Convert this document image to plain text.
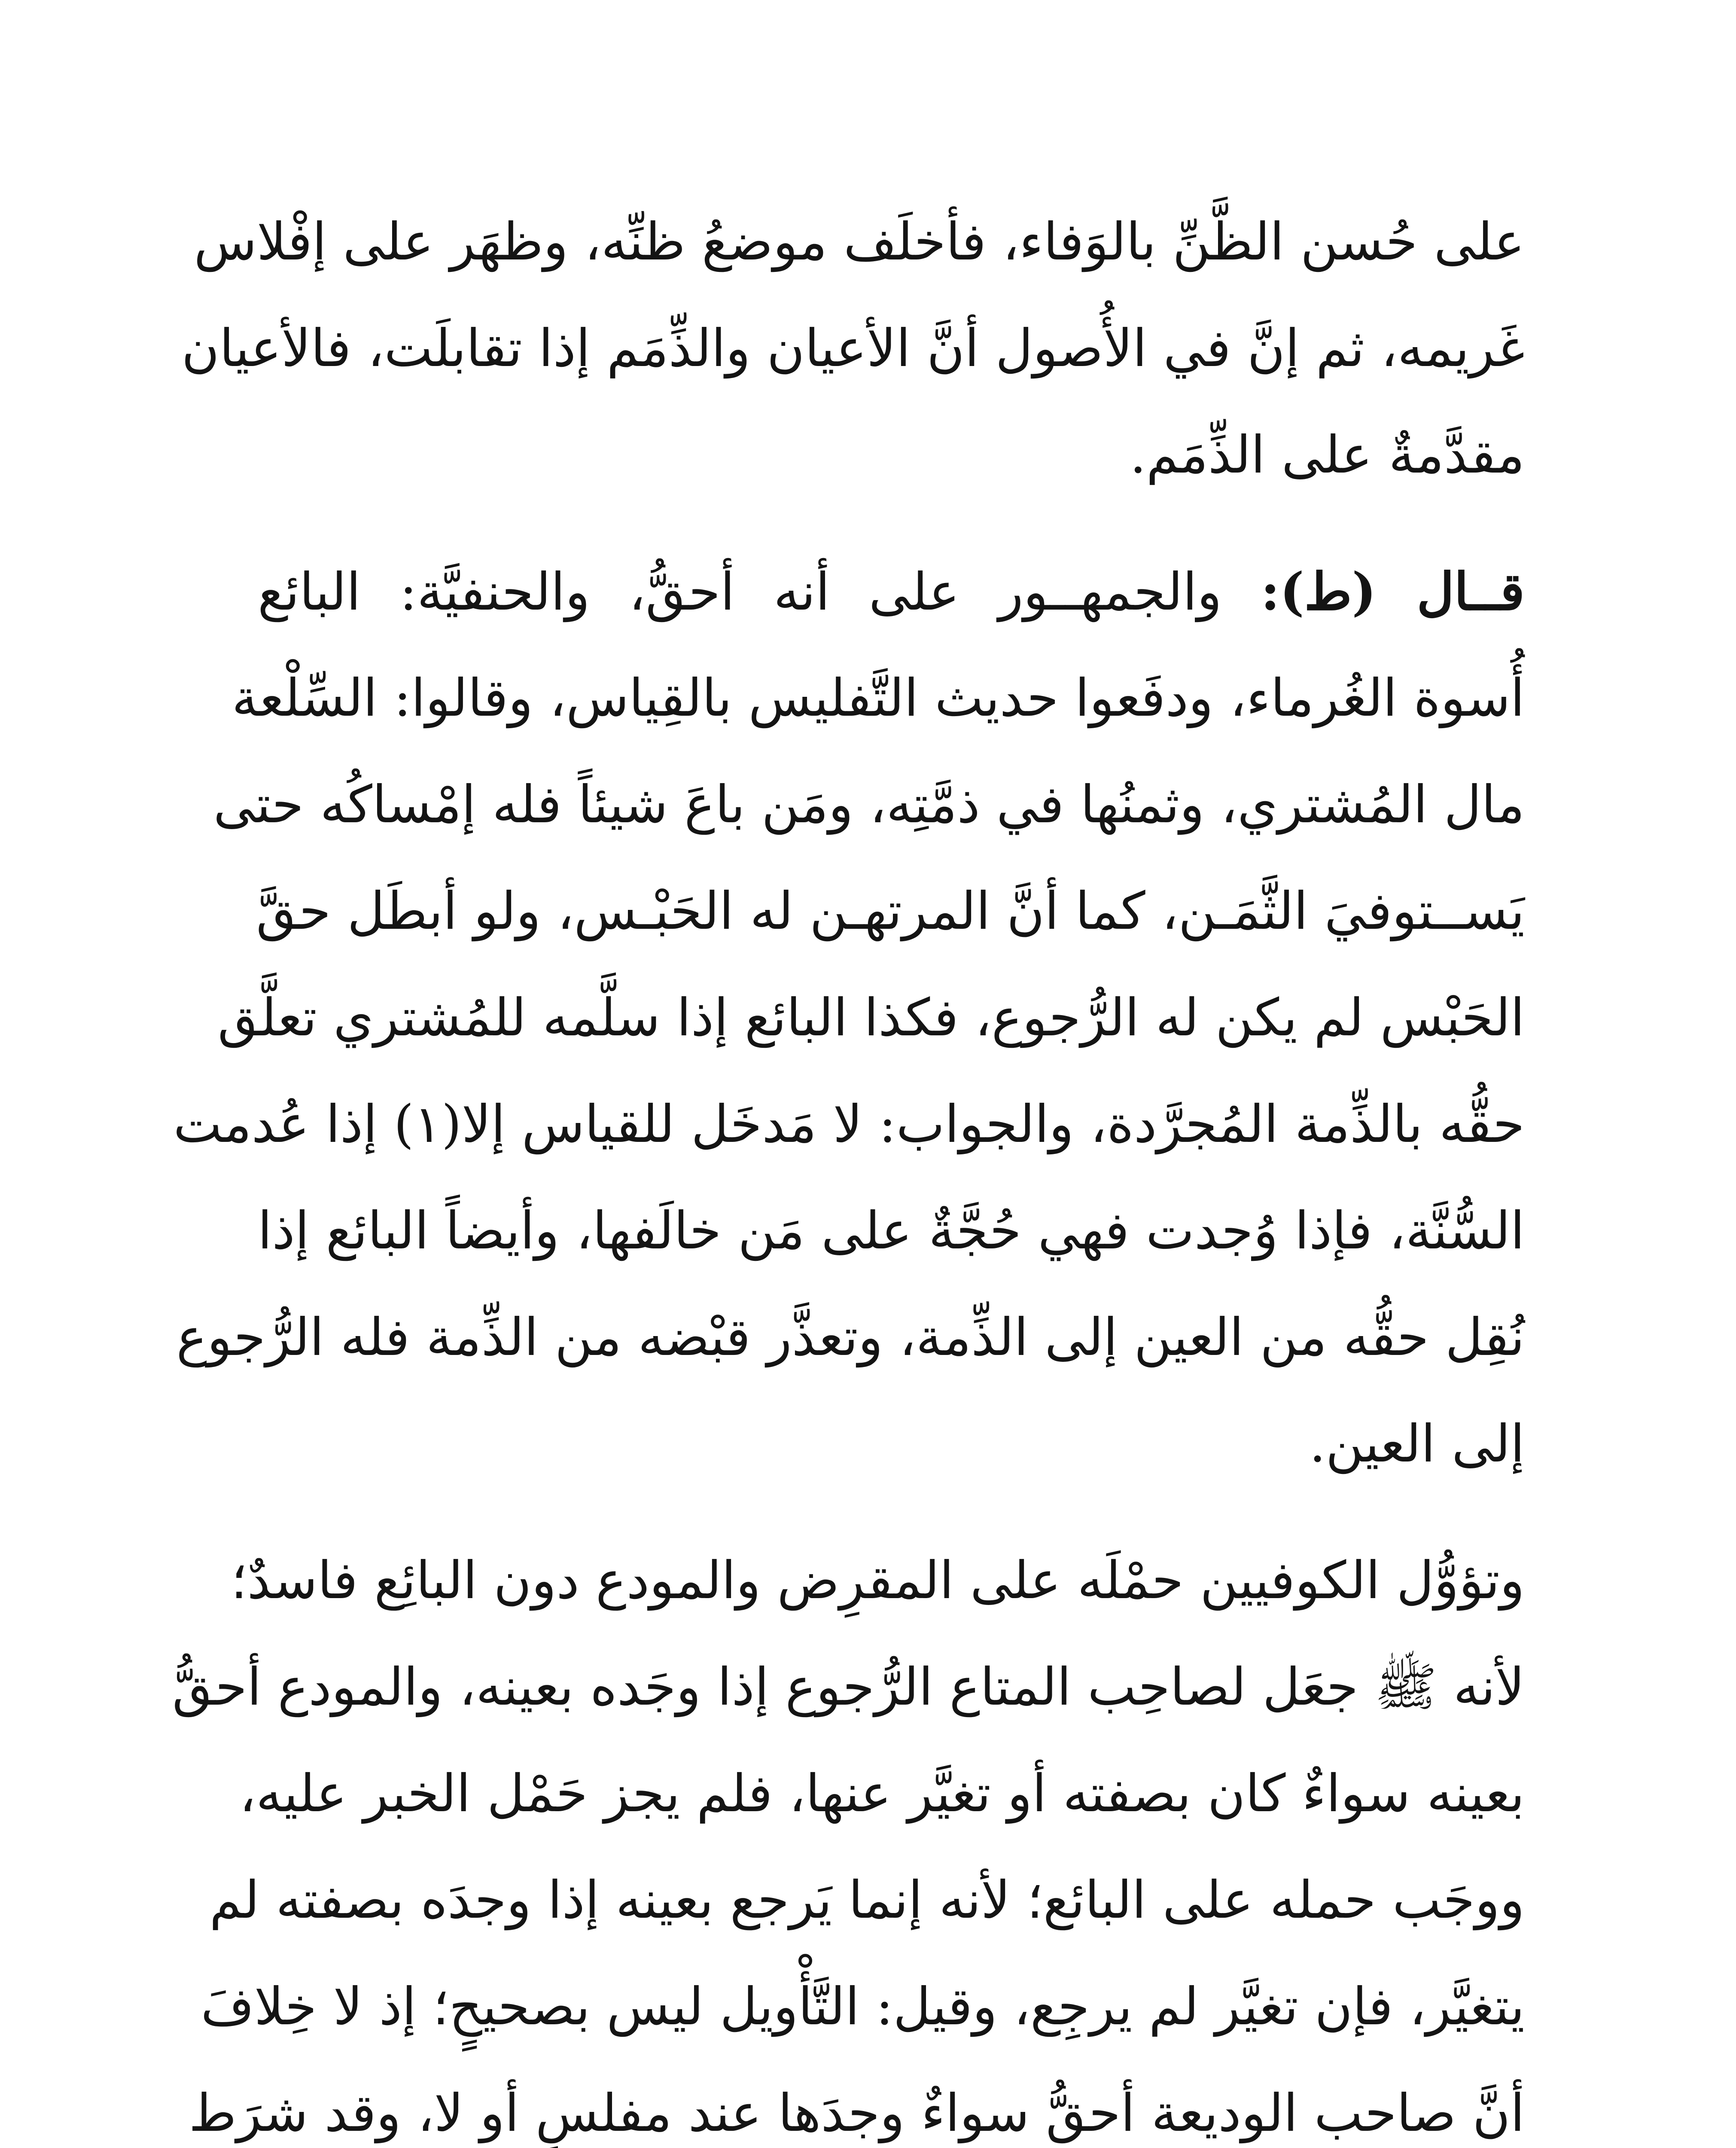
على حُسن الظَّنِّ بالوَفاء، فأخلَف موضعُ ظنِّه، وظهَر على إفْلاس
غَريمه، ثم إنَّ في الأُصول أنَّ الأعيان والذِّمَم إذا تقابلَت، فالأعيان
مقدَّمةٌ على الذِّمَم.
قــال (ط): والجمهــور على أنه أحقُّ، والحنفيَّة: البائع
أُسوة الغُرماء، ودفَعوا حديث التَّفليس بالقِياس، وقالوا: السِّلْعة
مال المُشتري، وثمنُها في ذمَّتِه، ومَن باعَ شيئاً فله إمْساكُه حتى
يَســتوفيَ الثَّمَـن، كما أنَّ المرتهـن له الحَبْـس، ولو أبطَل حقَّ
الحَبْس لم يكن له الرُّجوع، فكذا البائع إذا سلَّمه للمُشتري تعلَّق
حقُّه بالذِّمة المُجرَّدة، والجواب: لا مَدخَل للقياس إلا(١) إذا عُدمت
السُّنَّة، فإذا وُجدت فهي حُجَّةٌ على مَن خالَفها، وأيضاً البائع إذا
نُقِل حقُّه من العين إلى الذِّمة، وتعذَّر قبْضه من الذِّمة فله الرُّجوع
إلى العين.
وتؤوُّل الكوفيين حمْلَه على المقرِض والمودع دون البائِع فاسدٌ؛
لأنه ﷺ جعَل لصاحِب المتاع الرُّجوع إذا وجَده بعينه، والمودع أحقُّ
بعينه سواءٌ كان بصفته أو تغيَّر عنها، فلم يجز حَمْل الخبر عليه،
ووجَب حمله على البائع؛ لأنه إنما يَرجع بعينه إذا وجدَه بصفته لم
يتغيَّر، فإن تغيَّر لم يرجِع، وقيل: التَّأْويل ليس بصحيحٍ؛ إذ لا خِلافَ
أنَّ صاحب الوديعة أحقُّ سواءٌ وجدَها عند مفلسٍ أو لا، وقد شرَط
